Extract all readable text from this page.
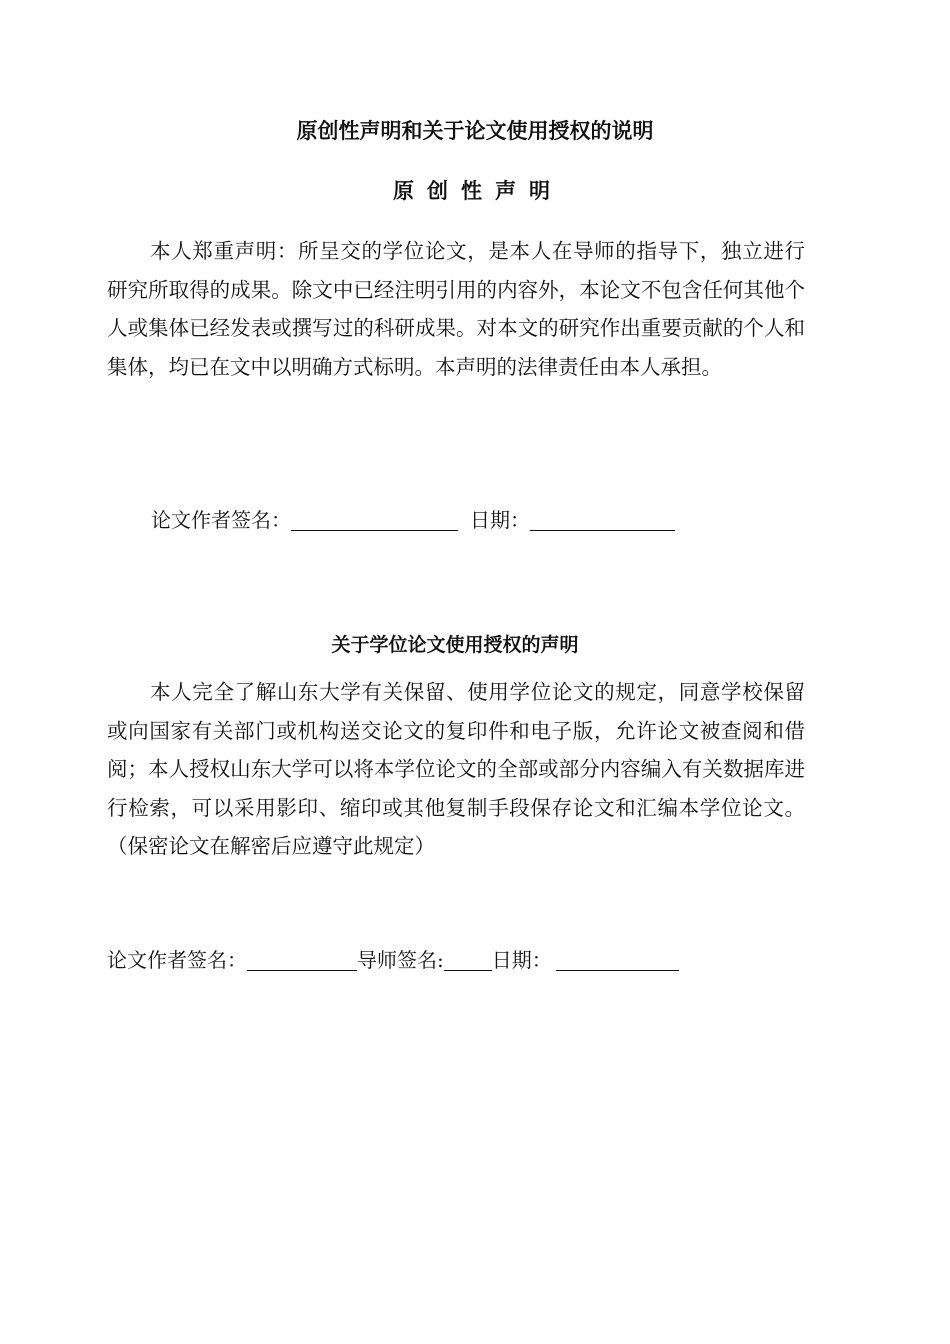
原创性声明和关于论文使用授权的说明
原创性声明

本人郑重声明：所呈交的学位论文，是本人在导师的指导下，独立进行研究所取得的成果。除文中已经注明引用的内容外，本论文不包含任何其他个人或集体已经发表或撰写过的科研成果。对本文的研究作出重要贡献的个人和集体，均已在文中以明确方式标明。本声明的法律责任由本人承担。

论文作者签名：	日期：
关于学位论文使用授权的声明

本人完全了解山东大学有关保留、使用学位论文的规定，同意学校保留或向国家有关部门或机构送交论文的复印件和电子版，允许论文被查阅和借阅；本人授权山东大学可以将本学位论文的全部或部分内容编入有关数据库进行检索，可以采用影印、缩印或其他复制手段保存论文和汇编本学位论文。（保密论文在解密后应遵守此规定）

论文作者签名：	导师签名: 日期：
